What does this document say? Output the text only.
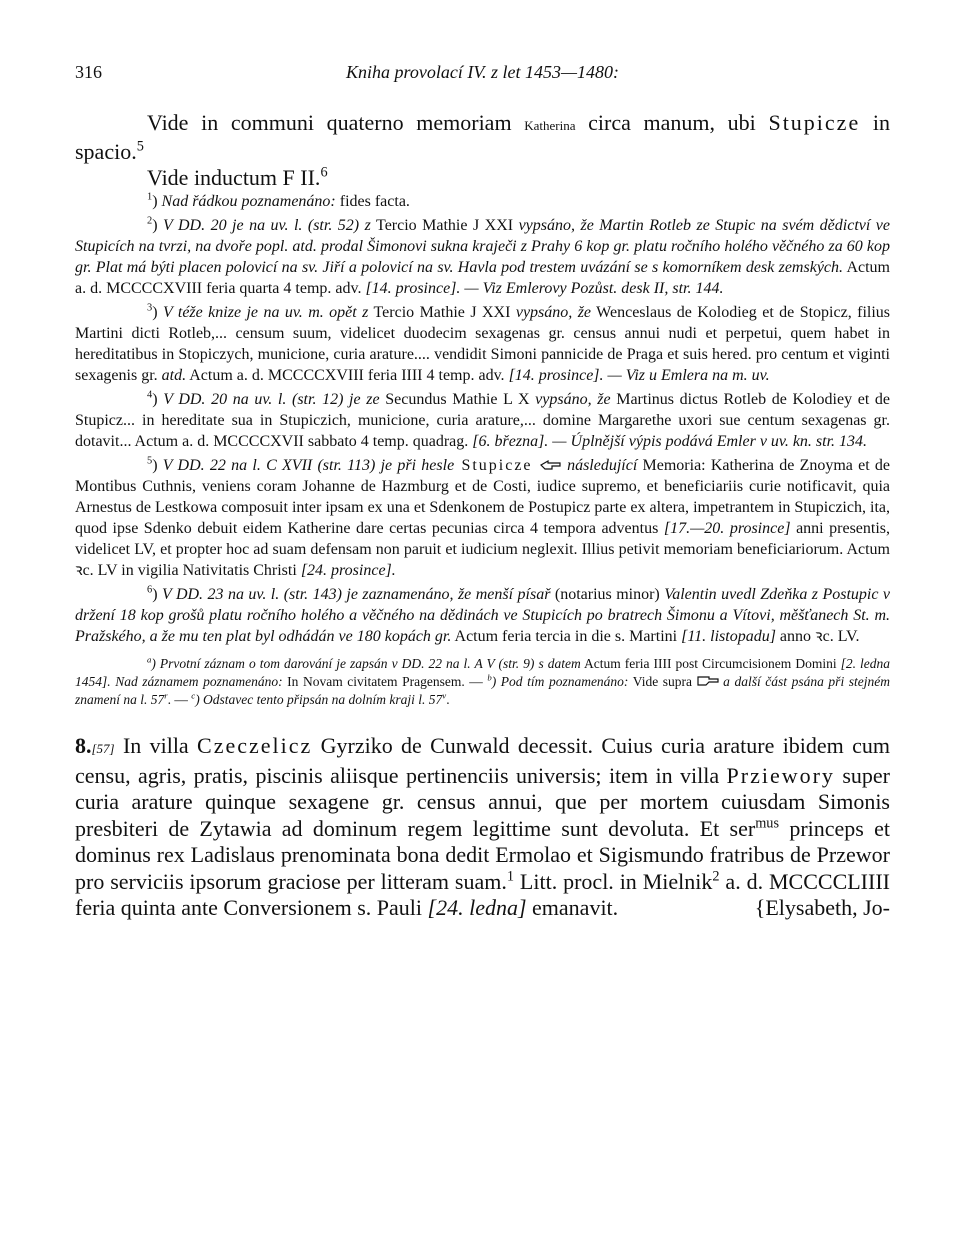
316	Kniha provolací IV. z let 1453—1480:

Vide in communi quaterno memoriam Katherina circa manum, ubi Stupicze in spacio.$^5$

Vide inductum F II.$^6$

$^1$) Nad řádkou poznamenáno: fides facta.

$^2$) V DD. 20 je na uv. l. (str. 52) z Tercio Mathie J XXI vypsáno, že Martin Rotleb ze Stupic na svém dědictví ve Stupicích na tvrzi, na dvoře popl. atd. prodal Šimonovi sukna kraječi z Prahy 6 kop gr. platu ročního holého věčného za 60 kop gr. Plat má býti placen polovicí na sv. Jiří a polovicí na sv. Havla pod trestem uvázání se s komorníkem desk zemských. Actum a. d. MCCCCXVIII feria quarta 4 temp. adv. [14. prosince]. — Viz Emlerovy Pozůst. desk II, str. 144.

$^3$) V téže knize je na uv. m. opět z Tercio Mathie J XXI vypsáno, že Wenceslaus de Kolodieg et de Stopicz, filius Martini dicti Rotleb,... censum suum, videlicet duodecim sexagenas gr. census annui nudi et perpetui, quem habet in hereditatibus in Stopiczych, municione, curia arature.... vendidit Simoni pannicide de Praga et suis hered. pro centum et viginti sexagenis gr. atd. Actum a. d. MCCCCXVIII feria IIII 4 temp. adv. [14. prosince]. — Viz u Emlera na m. uv.

$^4$) V DD. 20 na uv. l. (str. 12) je ze Secundus Mathie L X vypsáno, že Martinus dictus Rotleb de Kolodiey et de Stupicz... in hereditate sua in Stupiczich, municione, curia arature,... domine Margarethe uxori sue centum sexagenas gr. dotavit... Actum a. d. MCCCCXVII sabbato 4 temp. quadrag. [6. března]. — Úplnější výpis podává Emler v uv. kn. str. 134.

$^5$) V DD. 22 na l. C XVII (str. 113) je při hesle Stupicze  následující Memoria: Katherina de Znoyma et de Montibus Cuthnis, veniens coram Johanne de Hazmburg et de Costi, iudice supremo, et beneficiariis curie notificavit, quia Arnestus de Lestkowa composuit inter ipsam ex una et Sdenkonem de Postupicz parte ex altera, impetrantem in Stupiczich, ita, quod ipse Sdenko debuit eidem Katherine dare certas pecunias circa 4 tempora adventus [17.—20. prosince] anni presentis, videlicet LV, et propter hoc ad suam defensam non paruit et iudicium neglexit. Illius petivit memoriam beneficiariorum. Actum ꝛc. LV in vigilia Nativitatis Christi [24. prosince].

$^6$) V DD. 23 na uv. l. (str. 143) je zaznamenáno, že menší písař (notarius minor) Valentin uvedl Zdeňka z Postupic v držení 18 kop grošů platu ročního holého a věčného na dědinách ve Stupicích po bratrech Šimonu a Vítovi, měšťanech St. m. Pražského, a že mu ten plat byl odhádán ve 180 kopách gr. Actum feria tercia in die s. Martini [11. listopadu] anno ꝛc. LV.

$^a$) Prvotní záznam o tom darování je zapsán v DD. 22 na l. A V (str. 9) s datem Actum feria IIII post Circumcisionem Domini [2. ledna 1454]. Nad záznamem poznamenáno: In Novam civitatem Pragensem. — $^b$) Pod tím poznamenáno: Vide supra  a další část psána při stejném znamení na l. 57$^r$. — $^c$) Odstavec tento připsán na dolním kraji l. 57$^v$.

8.[57] In villa Czeczelicz Gyrziko de Cunwald decessit. Cuius curia arature ibidem cum censu, agris, pratis, piscinis aliisque pertinenciis universis; item in villa Prziewory super curia arature quinque sexagene gr. census annui, que per mortem cuiusdam Simonis presbiteri de Zytawia ad dominum regem legittime sunt devoluta. Et ser$^{mus}$ princeps et dominus rex Ladislaus prenominata bona dedit Ermolao et Sigismundo fratribus de Przewor pro serviciis ipsorum graciose per litteram suam.$^1$ Litt. procl. in Mielnik$^2$ a. d. MCCCCLIIII feria quinta ante Conversionem s. Pauli [24. ledna] emanavit.	{Elysabeth, Jo-
